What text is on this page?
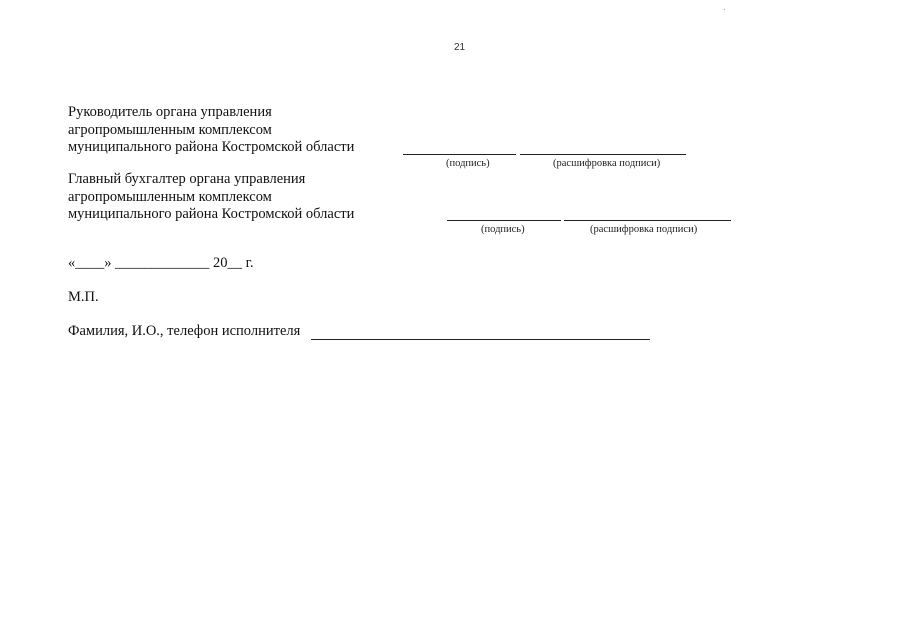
21
Руководитель органа управления
агропромышленным комплексом
муниципального района Костромской области
(подпись)	(расшифровка подписи)
Главный бухгалтер органа управления
агропромышленным комплексом
муниципального района Костромской области
(подпись)	(расшифровка подписи)
«____» _____________ 20__ г.
М.П.
Фамилия, И.О., телефон исполнителя
